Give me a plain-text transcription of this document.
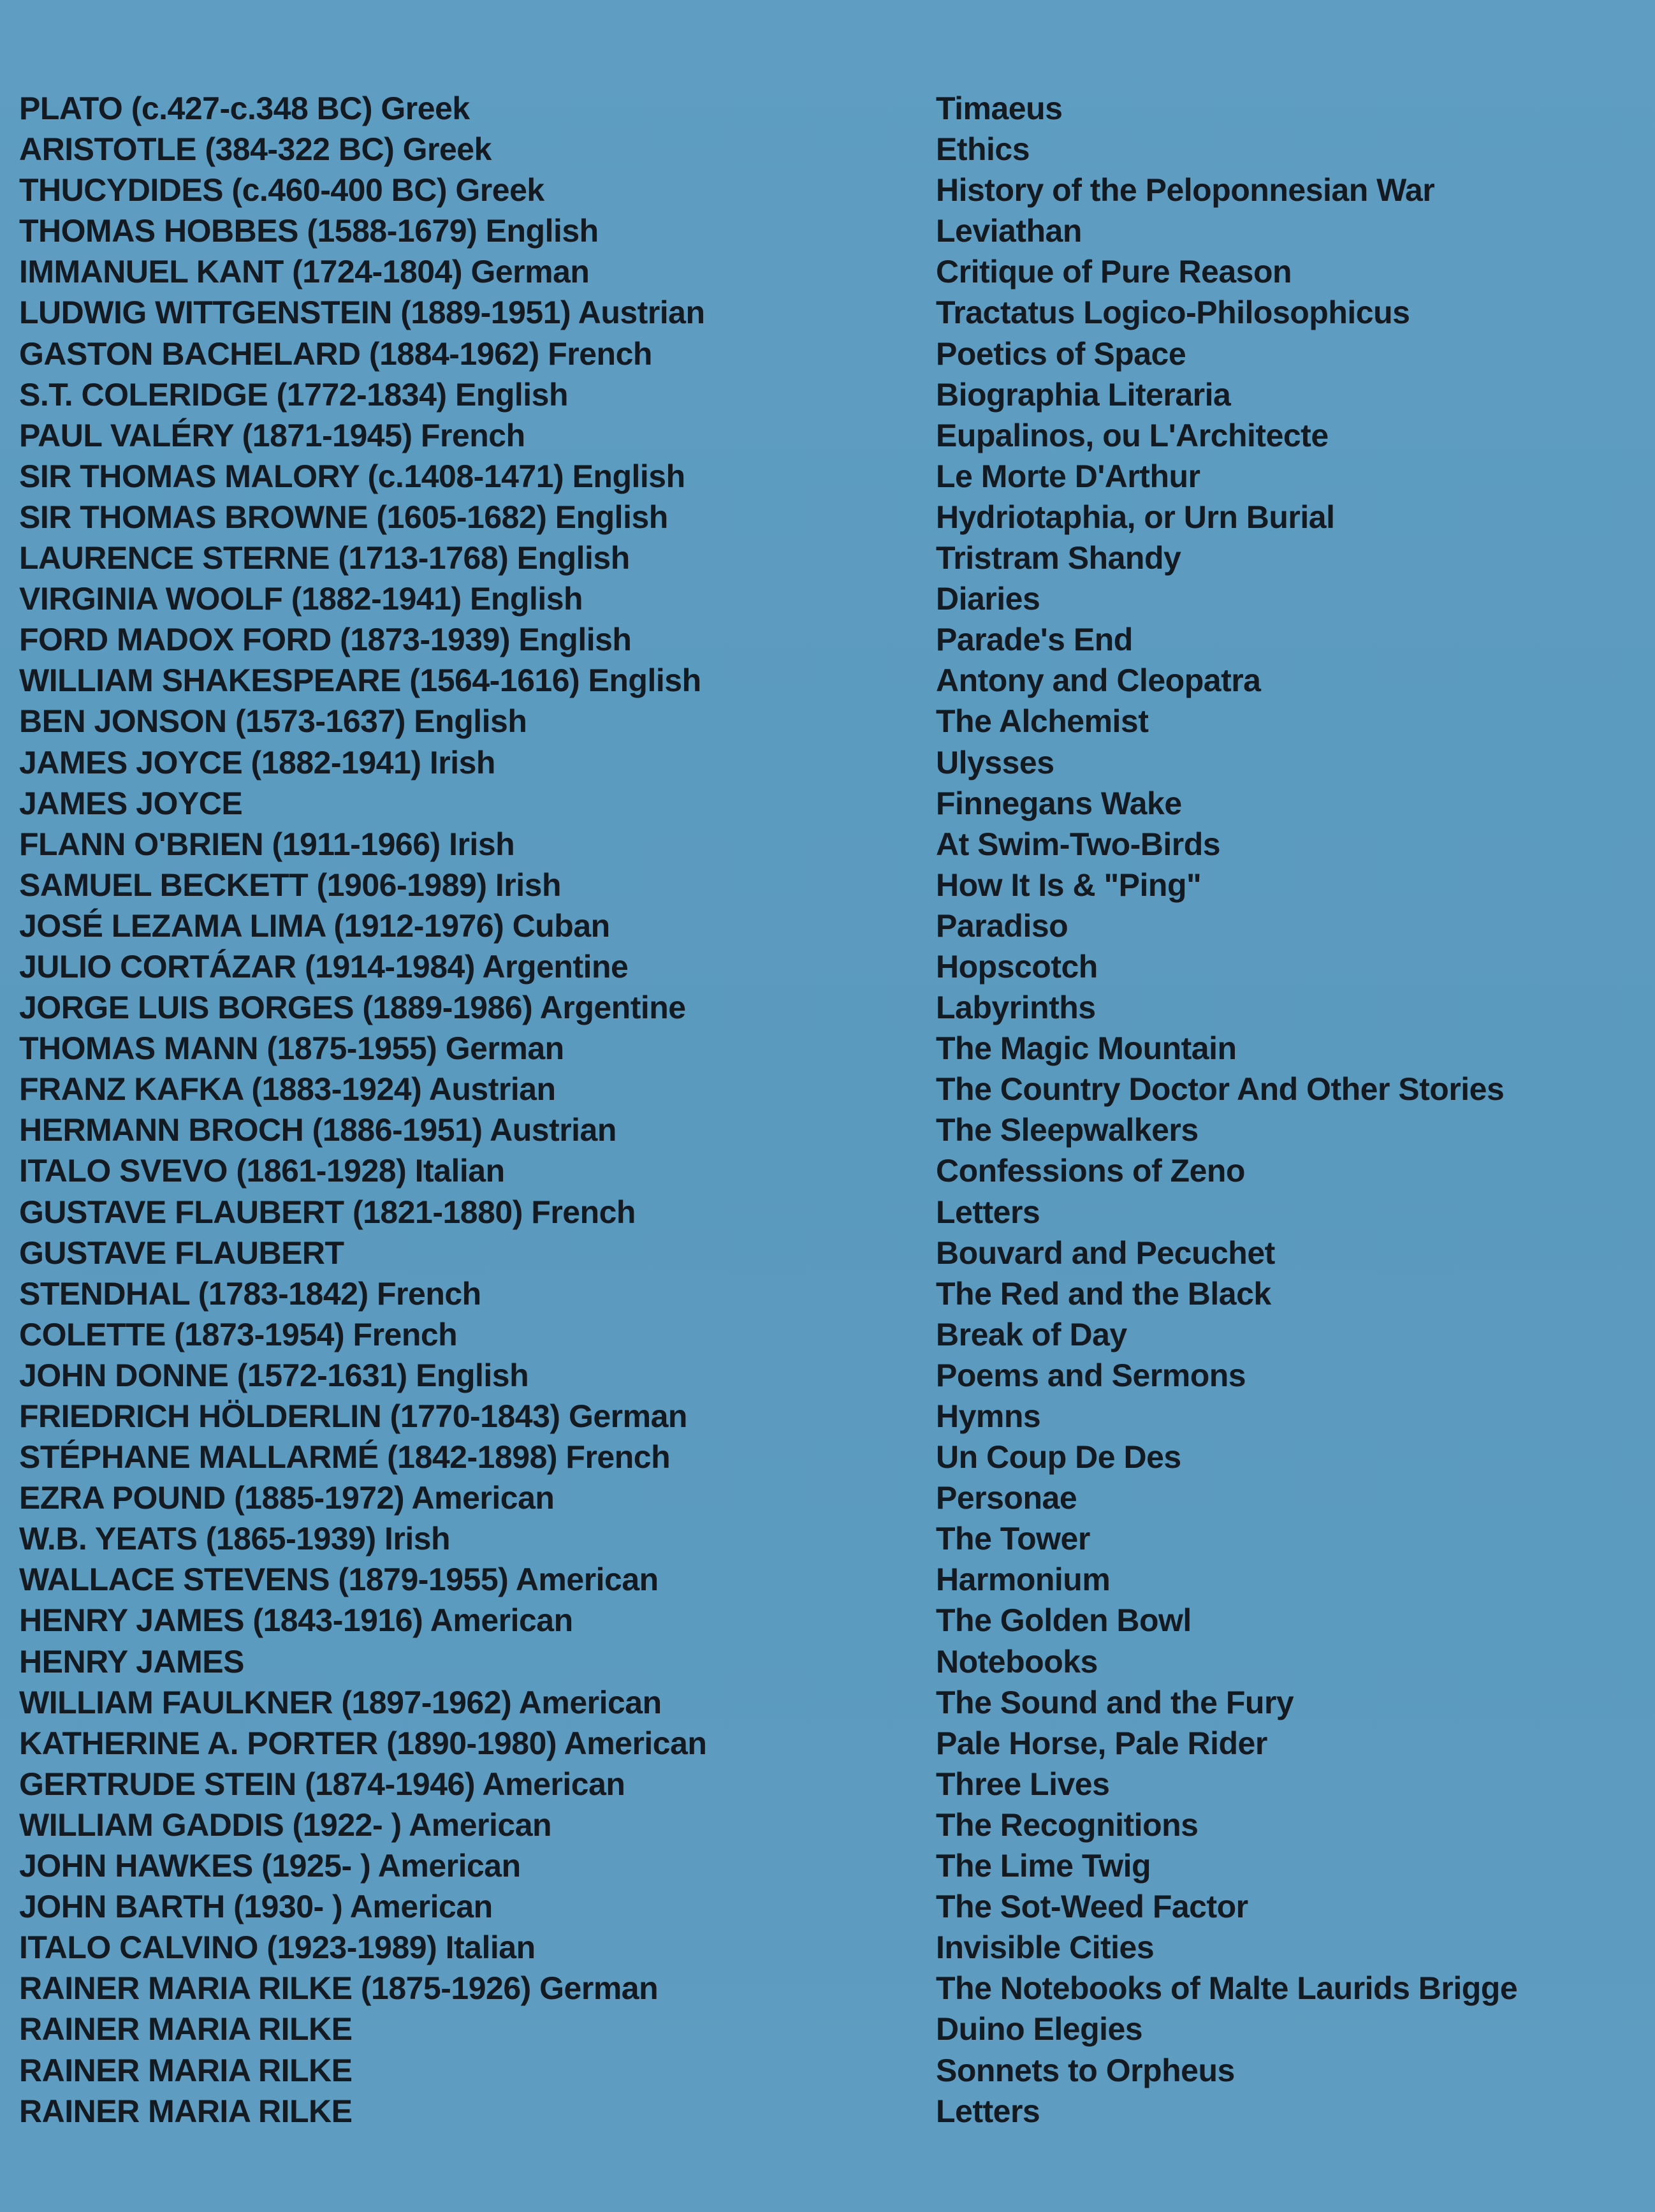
PLATO (c.427-c.348 BC) Greek	Timaeus
ARISTOTLE (384-322 BC) Greek	Ethics
THUCYDIDES (c.460-400 BC) Greek	History of the Peloponnesian War
THOMAS HOBBES (1588-1679) English	Leviathan
IMMANUEL KANT (1724-1804) German	Critique of Pure Reason
LUDWIG WITTGENSTEIN (1889-1951) Austrian	Tractatus Logico-Philosophicus
GASTON BACHELARD (1884-1962) French	Poetics of Space
S.T. COLERIDGE (1772-1834) English	Biographia Literaria
PAUL VALÉRY (1871-1945) French	Eupalinos, ou L'Architecte
SIR THOMAS MALORY (c.1408-1471) English	Le Morte D'Arthur
SIR THOMAS BROWNE (1605-1682) English	Hydriotaphia, or Urn Burial
LAURENCE STERNE (1713-1768) English	Tristram Shandy
VIRGINIA WOOLF (1882-1941) English	Diaries
FORD MADOX FORD (1873-1939) English	Parade's End
WILLIAM SHAKESPEARE (1564-1616) English	Antony and Cleopatra
BEN JONSON (1573-1637) English	The Alchemist
JAMES JOYCE (1882-1941) Irish	Ulysses
JAMES JOYCE	Finnegans Wake
FLANN O'BRIEN (1911-1966) Irish	At Swim-Two-Birds
SAMUEL BECKETT (1906-1989) Irish	How It Is & "Ping"
JOSÉ LEZAMA LIMA (1912-1976) Cuban	Paradiso
JULIO CORTÁZAR (1914-1984) Argentine	Hopscotch
JORGE LUIS BORGES (1889-1986) Argentine	Labyrinths
THOMAS MANN (1875-1955) German	The Magic Mountain
FRANZ KAFKA (1883-1924) Austrian	The Country Doctor And Other Stories
HERMANN BROCH (1886-1951) Austrian	The Sleepwalkers
ITALO SVEVO (1861-1928) Italian	Confessions of Zeno
GUSTAVE FLAUBERT (1821-1880) French	Letters
GUSTAVE FLAUBERT	Bouvard and Pecuchet
STENDHAL (1783-1842) French	The Red and the Black
COLETTE (1873-1954) French	Break of Day
JOHN DONNE (1572-1631) English	Poems and Sermons
FRIEDRICH HÖLDERLIN (1770-1843) German	Hymns
STÉPHANE MALLARMÉ (1842-1898) French	Un Coup De Des
EZRA POUND (1885-1972) American	Personae
W.B. YEATS (1865-1939) Irish	The Tower
WALLACE STEVENS (1879-1955) American	Harmonium
HENRY JAMES (1843-1916) American	The Golden Bowl
HENRY JAMES	Notebooks
WILLIAM FAULKNER (1897-1962) American	The Sound and the Fury
KATHERINE A. PORTER (1890-1980) American	Pale Horse, Pale Rider
GERTRUDE STEIN (1874-1946) American	Three Lives
WILLIAM GADDIS (1922- ) American	The Recognitions
JOHN HAWKES (1925- ) American	The Lime Twig
JOHN BARTH (1930- ) American	The Sot-Weed Factor
ITALO CALVINO (1923-1989) Italian	Invisible Cities
RAINER MARIA RILKE (1875-1926) German	The Notebooks of Malte Laurids Brigge
RAINER MARIA RILKE	Duino Elegies
RAINER MARIA RILKE	Sonnets to Orpheus
RAINER MARIA RILKE	Letters
